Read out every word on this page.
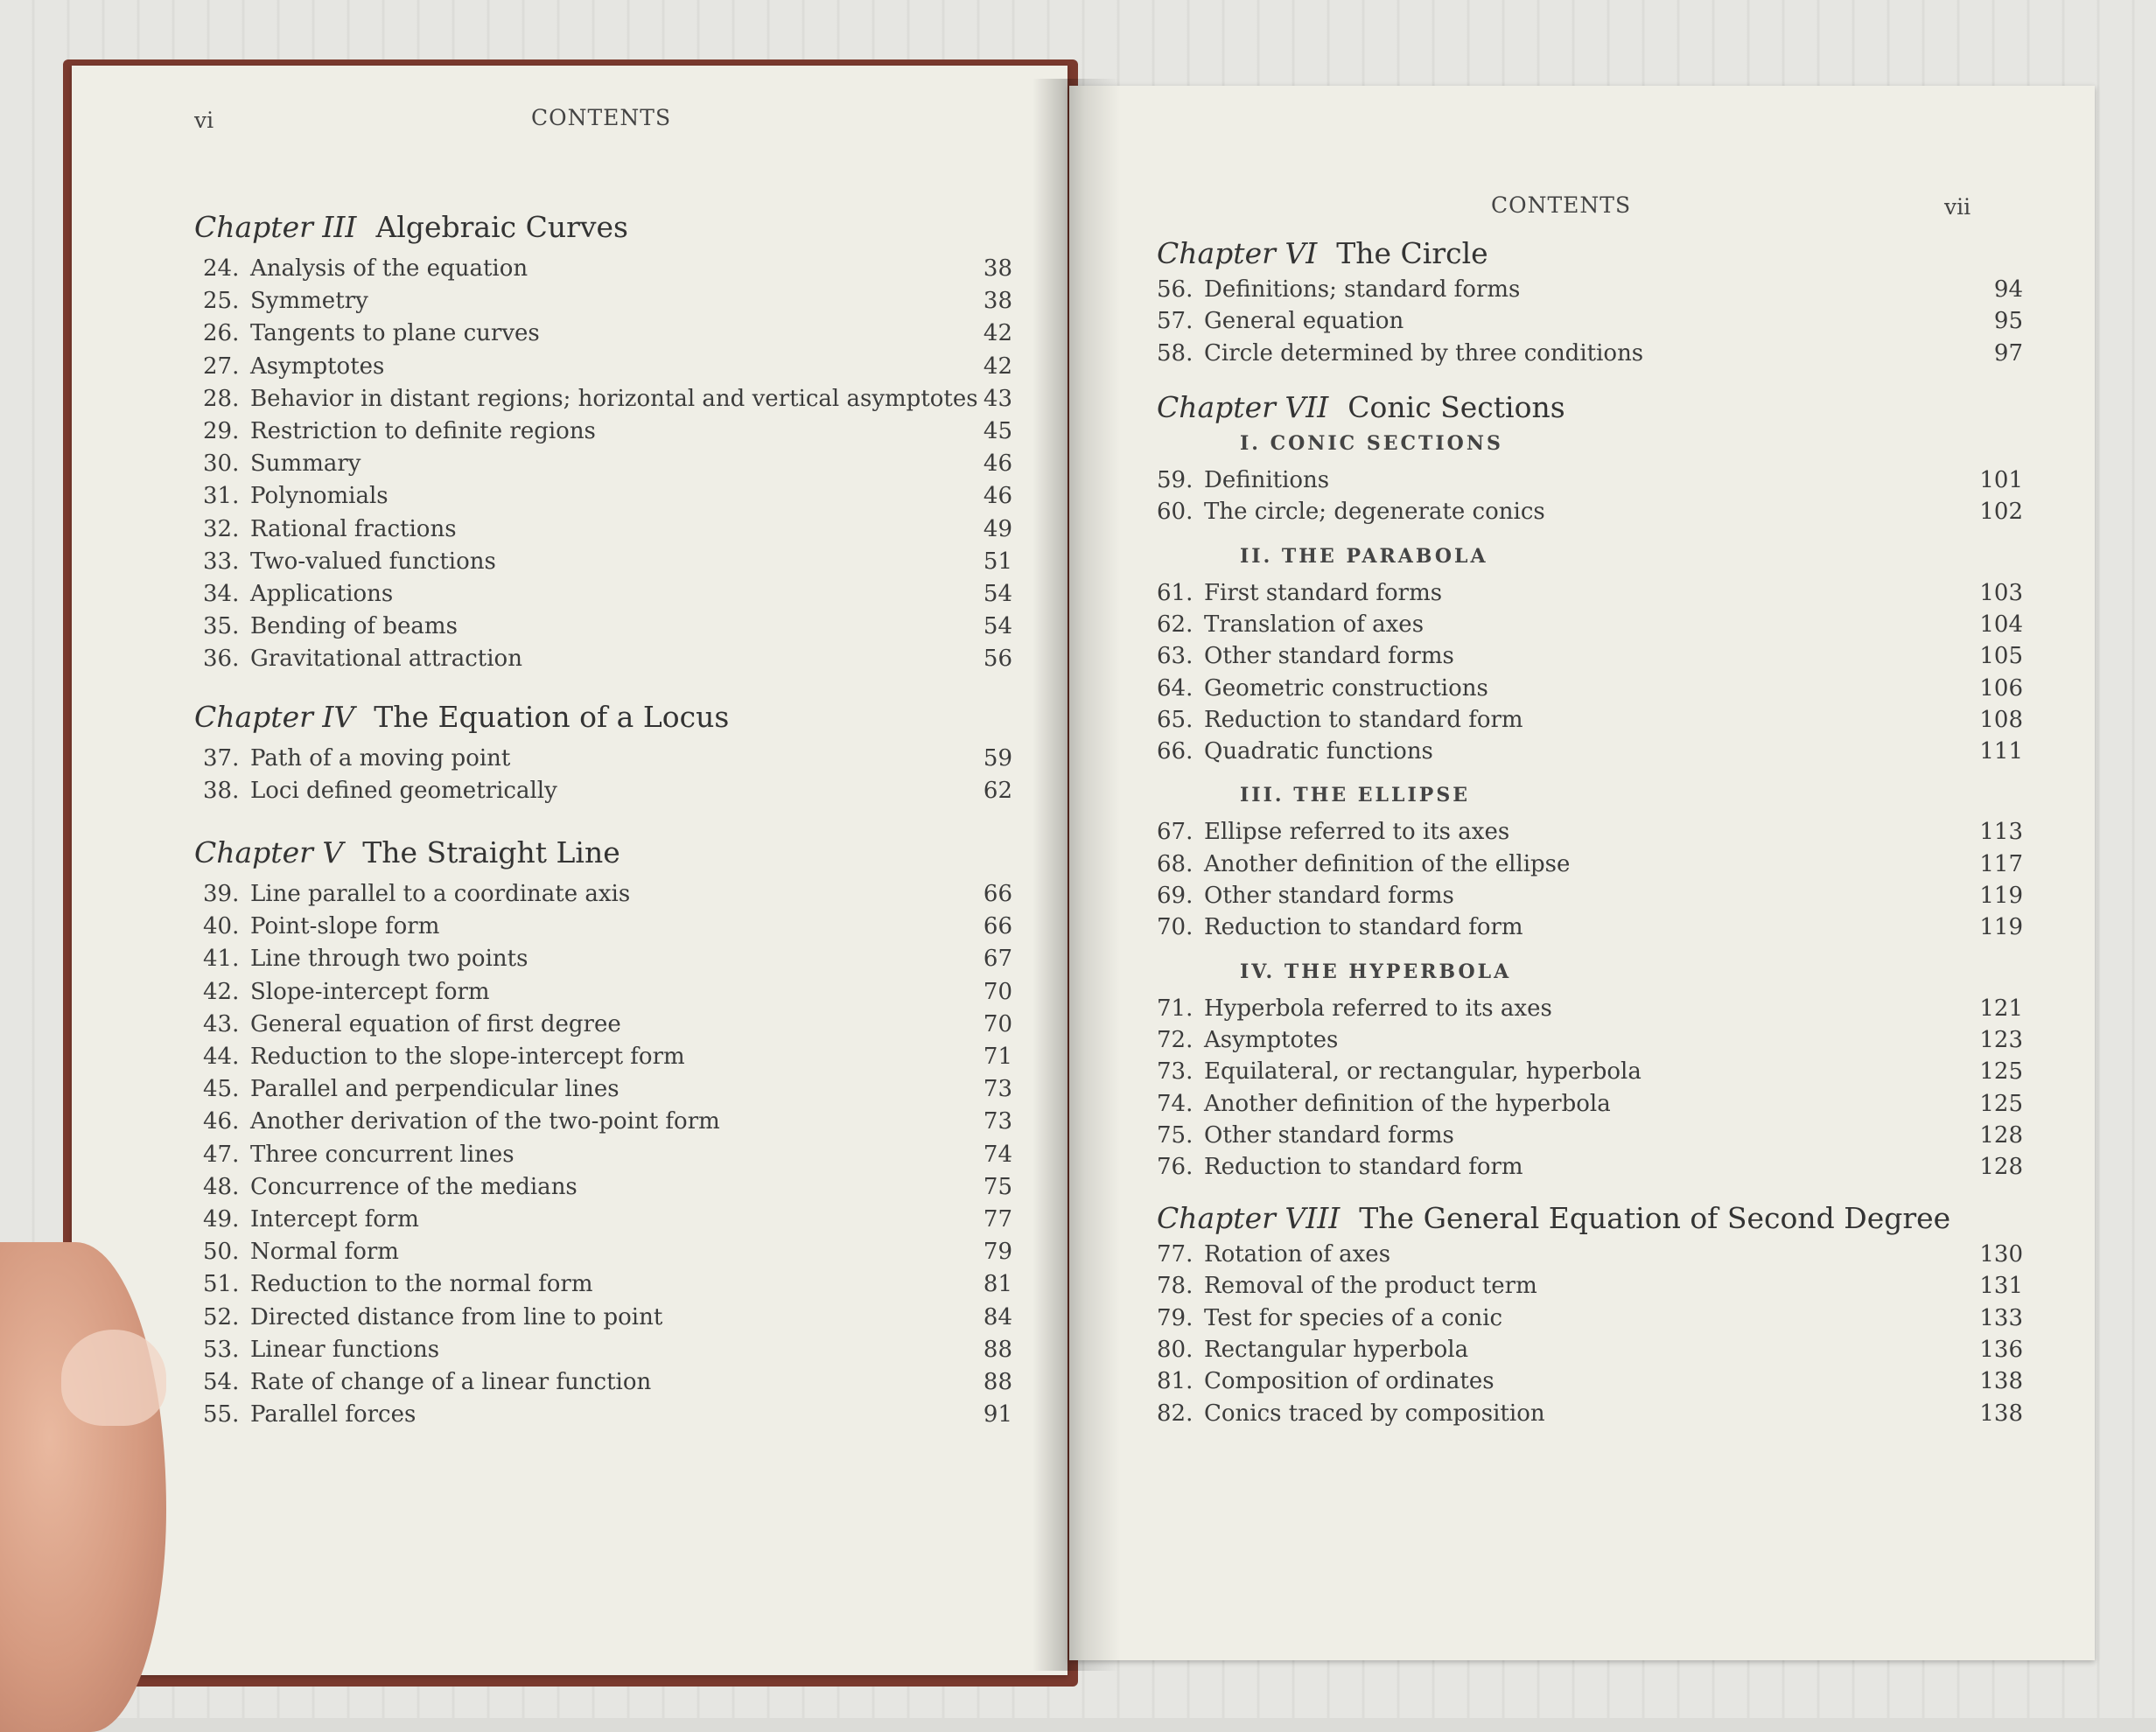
vi	CONTENTS
Chapter III Algebraic Curves
24. Analysis of the equation	38
25. Symmetry	38
26. Tangents to plane curves	42
27. Asymptotes	42
28. Behavior in distant regions; horizontal and vertical asymptotes 43
29. Restriction to definite regions	45
30. Summary	46
31. Polynomials	46
32. Rational fractions	49
33. Two-valued functions	51
34. Applications	54
35. Bending of beams	54
36. Gravitational attraction	56
Chapter IV The Equation of a Locus
37. Path of a moving point	59
38. Loci defined geometrically	62
Chapter V The Straight Line
39. Line parallel to a coordinate axis	66
40. Point-slope form	66
41. Line through two points	67
42. Slope-intercept form	70
43. General equation of first degree	70
44. Reduction to the slope-intercept form	71
45. Parallel and perpendicular lines	73
46. Another derivation of the two-point form	73
47. Three concurrent lines	74
48. Concurrence of the medians	75
49. Intercept form	77
50. Normal form	79
51. Reduction to the normal form	81
52. Directed distance from line to point	84
53. Linear functions	88
54. Rate of change of a linear function	88
55. Parallel forces	91
CONTENTS	vii
Chapter VI The Circle
56. Definitions; standard forms	94
57. General equation	95
58. Circle determined by three conditions	97
Chapter VII Conic Sections
I. CONIC SECTIONS
59. Definitions	101
60. The circle; degenerate conics	102
II. THE PARABOLA
61. First standard forms	103
62. Translation of axes	104
63. Other standard forms	105
64. Geometric constructions	106
65. Reduction to standard form	108
66. Quadratic functions	111
III. THE ELLIPSE
67. Ellipse referred to its axes	113
68. Another definition of the ellipse	117
69. Other standard forms	119
70. Reduction to standard form	119
IV. THE HYPERBOLA
71. Hyperbola referred to its axes	121
72. Asymptotes	123
73. Equilateral, or rectangular, hyperbola	125
74. Another definition of the hyperbola	125
75. Other standard forms	128
76. Reduction to standard form	128
Chapter VIII The General Equation of Second Degree
77. Rotation of axes	130
78. Removal of the product term	131
79. Test for species of a conic	133
80. Rectangular hyperbola	136
81. Composition of ordinates	138
82. Conics traced by composition	138
